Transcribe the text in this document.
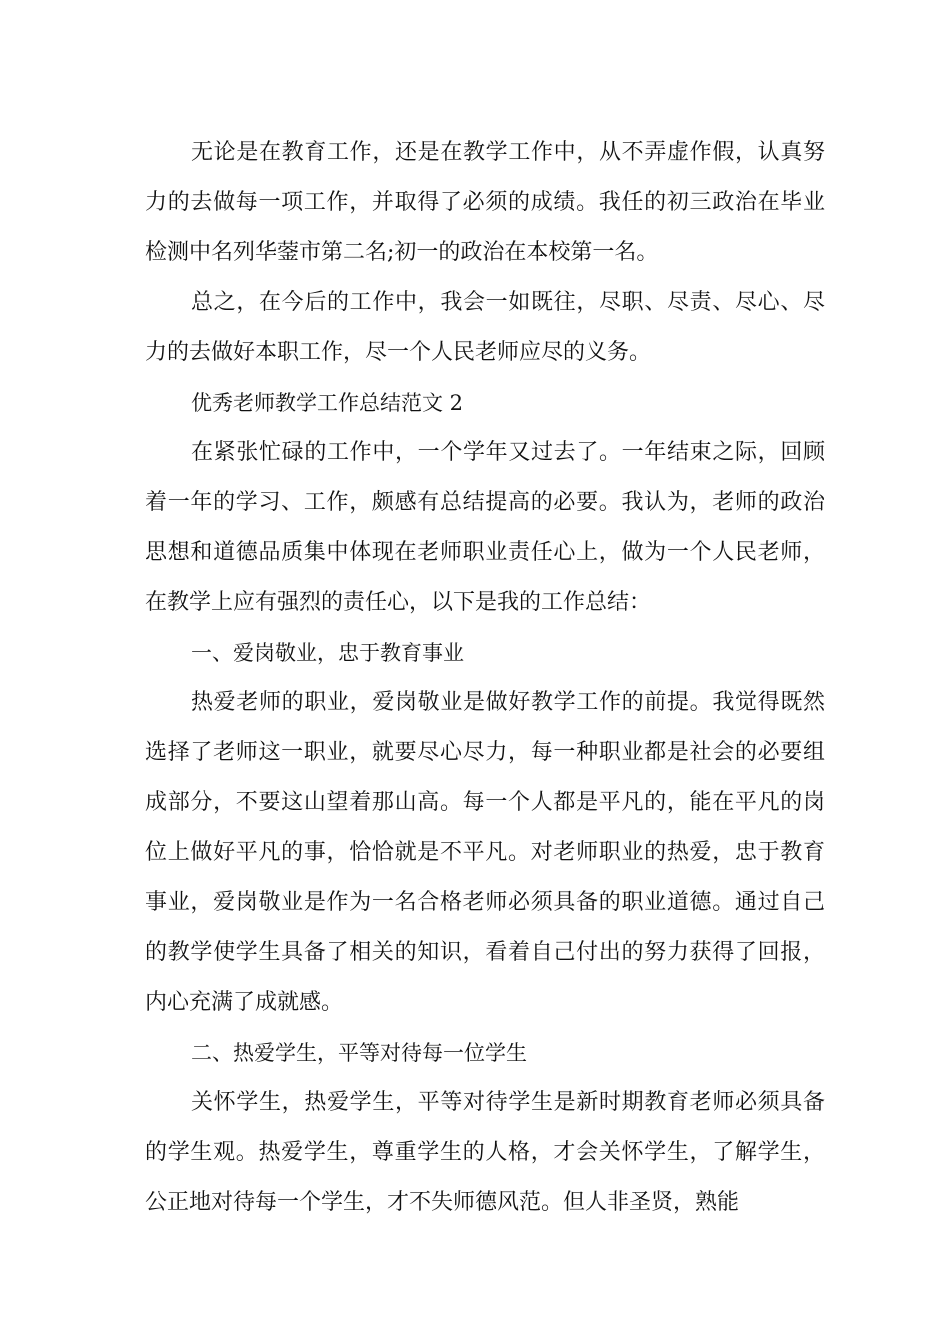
无论是在教育工作，还是在教学工作中，从不弄虚作假，认真努力的去做每一项工作，并取得了必须的成绩。我任的初三政治在毕业检测中名列华蓥市第二名;初一的政治在本校第一名。

总之，在今后的工作中，我会一如既往，尽职、尽责、尽心、尽力的去做好本职工作，尽一个人民老师应尽的义务。

优秀老师教学工作总结范文 2

在紧张忙碌的工作中，一个学年又过去了。一年结束之际，回顾着一年的学习、工作，颇感有总结提高的必要。我认为，老师的政治思想和道德品质集中体现在老师职业责任心上，做为一个人民老师，在教学上应有强烈的责任心，以下是我的工作总结：

一、爱岗敬业，忠于教育事业

热爱老师的职业，爱岗敬业是做好教学工作的前提。我觉得既然选择了老师这一职业，就要尽心尽力，每一种职业都是社会的必要组成部分，不要这山望着那山高。每一个人都是平凡的，能在平凡的岗位上做好平凡的事，恰恰就是不平凡。对老师职业的热爱，忠于教育事业，爱岗敬业是作为一名合格老师必须具备的职业道德。通过自己的教学使学生具备了相关的知识，看着自己付出的努力获得了回报，内心充满了成就感。

二、热爱学生，平等对待每一位学生

关怀学生，热爱学生，平等对待学生是新时期教育老师必须具备的学生观。热爱学生，尊重学生的人格，才会关怀学生，了解学生，公正地对待每一个学生，才不失师德风范。但人非圣贤，熟能
